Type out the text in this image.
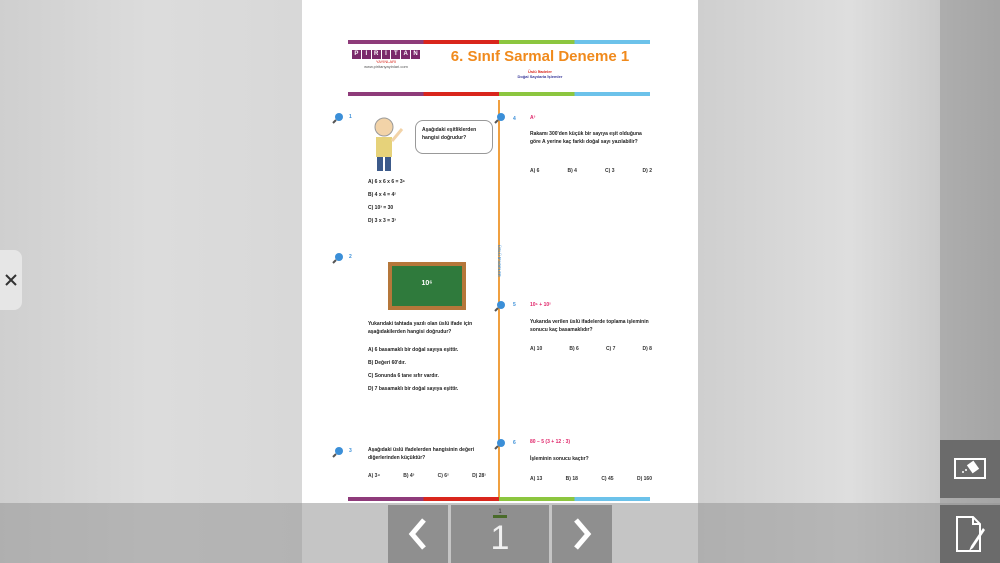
P	İ	R	İ	T A N
YAYINLARI
www.piritanyayinlari.com
6. Sınıf Sarmal Deneme 1
Üslü İfadeler
Doğal Sayılarla İşlemler
ÜSLÜ İFADELER
1
Aşağıdaki eşitliklerden hangisi doğrudur?
A) 6 x 6 x 6 = 3⁶
B) 4 x 4 = 4²
C) 10³ = 30
D) 3 x 3 = 3³
2
10⁶
Yukarıdaki tahtada yazılı olan üslü ifade için aşağıdakilerden hangisi doğrudur?
A) 6 basamaklı bir doğal sayıya eşittir.
B) Değeri 60'dır.
C) Sonunda 6 tane sıfır vardır.
D) 7 basamaklı bir doğal sayıya eşittir.
3	Aşağıdaki üslü ifadelerden hangisinin değeri diğerlerinden küçüktür?
A) 3⁴	B) 4³	C) 6²	D) 28¹
4	A³
Rakamı 300'den küçük bir sayıya eşit olduğuna göre A yerine kaç farklı doğal sayı yazılabilir?
A) 6	B) 4	C) 3	D) 2
5	10⁵ + 10²
Yukarıda verilen üslü ifadelerde toplama işleminin sonucu kaç basamaklıdır?
A) 10	B) 6	C) 7	D) 8
6	80 − 5 (3 + 12 : 3)
İşleminin sonucu kaçtır?
A) 13	B) 18	C) 45	D) 160
1
1
